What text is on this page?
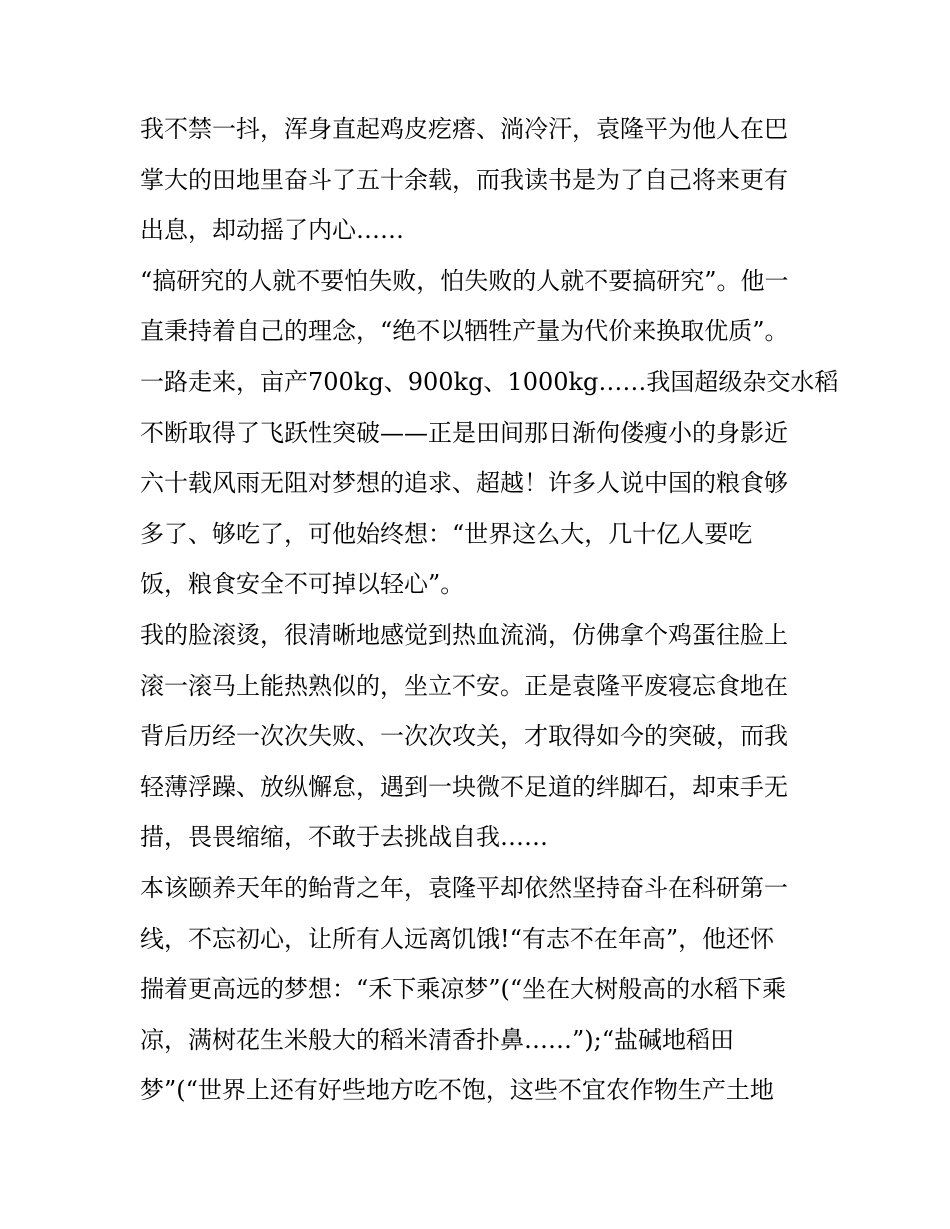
我不禁一抖，浑身直起鸡皮疙瘩、淌冷汗，袁隆平为他人在巴
掌大的田地里奋斗了五十余载，而我读书是为了自己将来更有
出息，却动摇了内心……
“搞研究的人就不要怕失败，怕失败的人就不要搞研究”。他一
直秉持着自己的理念，“绝不以牺牲产量为代价来换取优质”。
一路走来，亩产700kg、900kg、1000kg……我国超级杂交水稻
不断取得了飞跃性突破——正是田间那日渐佝偻瘦小的身影近
六十载风雨无阻对梦想的追求、超越！许多人说中国的粮食够
多了、够吃了，可他始终想：“世界这么大，几十亿人要吃
饭，粮食安全不可掉以轻心”。
我的脸滚烫，很清晰地感觉到热血流淌，仿佛拿个鸡蛋往脸上
滚一滚马上能热熟似的，坐立不安。正是袁隆平废寝忘食地在
背后历经一次次失败、一次次攻关，才取得如今的突破，而我
轻薄浮躁、放纵懈怠，遇到一块微不足道的绊脚石，却束手无
措，畏畏缩缩，不敢于去挑战自我……
本该颐养天年的鲐背之年，袁隆平却依然坚持奋斗在科研第一
线，不忘初心，让所有人远离饥饿!“有志不在年高”，他还怀
揣着更高远的梦想：“禾下乘凉梦”(“坐在大树般高的水稻下乘
凉，满树花生米般大的稻米清香扑鼻……”);“盐碱地稻田
梦”(“世界上还有好些地方吃不饱，这些不宜农作物生产土地
